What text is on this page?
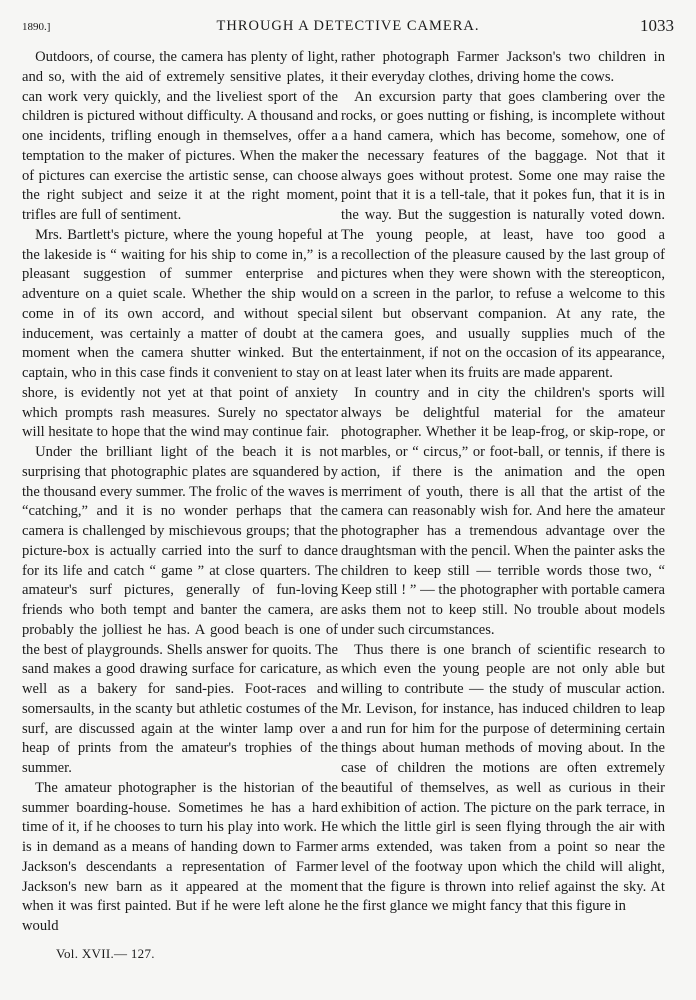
1890.]	THROUGH A DETECTIVE CAMERA.	1033

Outdoors, of course, the camera has plenty of light, and so, with the aid of extremely sensitive plates, it can work very quickly, and the liveliest sport of the children is pictured without difficulty. A thousand and one incidents, trifling enough in themselves, offer a temptation to the maker of pictures. When the maker of pictures can exercise the artistic sense, can choose the right subject and seize it at the right moment, trifles are full of sentiment.

Mrs. Bartlett's picture, where the young hopeful at the lakeside is “ waiting for his ship to come in,” is a pleasant suggestion of summer enterprise and adventure on a quiet scale. Whether the ship would come in of its own accord, and without special inducement, was certainly a matter of doubt at the moment when the camera shutter winked. But the captain, who in this case finds it convenient to stay on shore, is evidently not yet at that point of anxiety which prompts rash measures. Surely no spectator will hesitate to hope that the wind may continue fair.

Under the brilliant light of the beach it is not surprising that photographic plates are squandered by the thousand every summer. The frolic of the waves is “catching,” and it is no wonder perhaps that the camera is challenged by mischievous groups; that the picture-box is actually carried into the surf to dance for its life and catch “ game ” at close quarters. The amateur's surf pictures, generally of fun-loving friends who both tempt and banter the camera, are probably the jolliest he has. A good beach is one of the best of playgrounds. Shells answer for quoits. The sand makes a good drawing surface for caricature, as well as a bakery for sand-pies. Foot-races and somersaults, in the scanty but athletic costumes of the surf, are discussed again at the winter lamp over a heap of prints from the amateur's trophies of the summer.

The amateur photographer is the historian of the summer boarding-house. Sometimes he has a hard time of it, if he chooses to turn his play into work. He is in demand as a means of handing down to Farmer Jackson's descendants a representation of Farmer Jackson's new barn as it appeared at the moment when it was first painted. But if he were left alone he would

rather photograph Farmer Jackson's two children in their everyday clothes, driving home the cows.

An excursion party that goes clambering over the rocks, or goes nutting or fishing, is incomplete without a hand camera, which has become, somehow, one of the necessary features of the baggage. Not that it always goes without protest. Some one may raise the point that it is a tell-tale, that it pokes fun, that it is in the way. But the suggestion is naturally voted down. The young people, at least, have too good a recollection of the pleasure caused by the last group of pictures when they were shown with the stereopticon, on a screen in the parlor, to refuse a welcome to this silent but observant companion. At any rate, the camera goes, and usually supplies much of the entertainment, if not on the occasion of its appearance, at least later when its fruits are made apparent.

In country and in city the children's sports will always be delightful material for the amateur photographer. Whether it be leap-frog, or skip-rope, or marbles, or “ circus,” or foot-ball, or tennis, if there is action, if there is the animation and the open merriment of youth, there is all that the artist of the camera can reasonably wish for. And here the amateur photographer has a tremendous advantage over the draughtsman with the pencil. When the painter asks the children to keep still — terrible words those two, “ Keep still ! ” — the photographer with portable camera asks them not to keep still. No trouble about models under such circumstances.

Thus there is one branch of scientific research to which even the young people are not only able but willing to contribute — the study of muscular action. Mr. Levison, for instance, has induced children to leap and run for him for the purpose of determining certain things about human methods of moving about. In the case of children the motions are often extremely beautiful of themselves, as well as curious in their exhibition of action. The picture on the park terrace, in which the little girl is seen flying through the air with arms extended, was taken from a point so near the level of the footway upon which the child will alight, that the figure is thrown into relief against the sky. At the first glance we might fancy that this figure in

Vol. XVII.— 127.
